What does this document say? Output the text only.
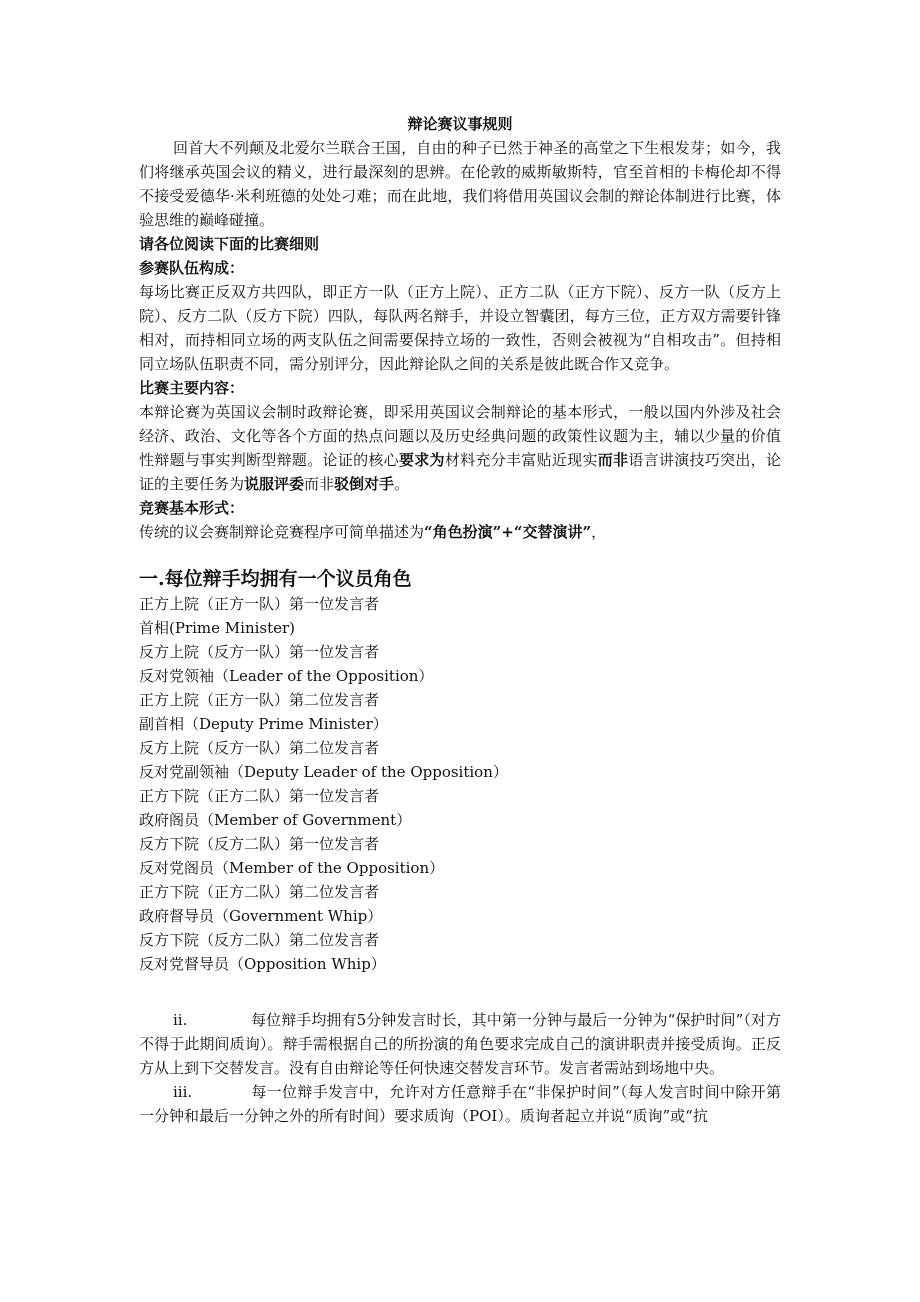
辩论赛议事规则

回首大不列颠及北爱尔兰联合王国，自由的种子已然于神圣的高堂之下生根发芽；如今，我们将继承英国会议的精义，进行最深刻的思辨。在伦敦的威斯敏斯特，官至首相的卡梅伦却不得不接受爱德华·米利班德的处处刁难；而在此地，我们将借用英国议会制的辩论体制进行比赛，体验思维的巅峰碰撞。

请各位阅读下面的比赛细则

参赛队伍构成：

每场比赛正反双方共四队，即正方一队（正方上院）、正方二队（正方下院）、反方一队（反方上院）、反方二队（反方下院）四队，每队两名辩手，并设立智囊团，每方三位，正方双方需要针锋相对，而持相同立场的两支队伍之间需要保持立场的一致性，否则会被视为“自相攻击”。但持相同立场队伍职责不同，需分别评分，因此辩论队之间的关系是彼此既合作又竞争。

比赛主要内容：

本辩论赛为英国议会制时政辩论赛，即采用英国议会制辩论的基本形式，一般以国内外涉及社会经济、政治、文化等各个方面的热点问题以及历史经典问题的政策性议题为主，辅以少量的价值性辩题与事实判断型辩题。论证的核心要求为材料充分丰富贴近现实而非语言讲演技巧突出，论证的主要任务为说服评委而非驳倒对手。

竞赛基本形式：

传统的议会赛制辩论竞赛程序可简单描述为“角色扮演”+“交替演讲”，

一.每位辩手均拥有一个议员角色

正方上院（正方一队）第一位发言者

首相(Prime Minister)

反方上院（反方一队）第一位发言者

反对党领袖（Leader of the Opposition）

正方上院（正方一队）第二位发言者

副首相（Deputy Prime Minister）

反方上院（反方一队）第二位发言者

反对党副领袖（Deputy Leader of the Opposition）

正方下院（正方二队）第一位发言者

政府阁员（Member of Government）

反方下院（反方二队）第一位发言者

反对党阁员（Member of the Opposition）

正方下院（正方二队）第二位发言者

政府督导员（Government Whip）

反方下院（反方二队）第二位发言者

反对党督导员（Opposition Whip）

ii.	每位辩手均拥有5分钟发言时长，其中第一分钟与最后一分钟为“保护时间”（对方不得于此期间质询）。辩手需根据自己的所扮演的角色要求完成自己的演讲职责并接受质询。正反方从上到下交替发言。没有自由辩论等任何快速交替发言环节。发言者需站到场地中央。

iii.	每一位辩手发言中，允许对方任意辩手在“非保护时间”（每人发言时间中除开第一分钟和最后一分钟之外的所有时间）要求质询（POI）。质询者起立并说“质询”或“抗
